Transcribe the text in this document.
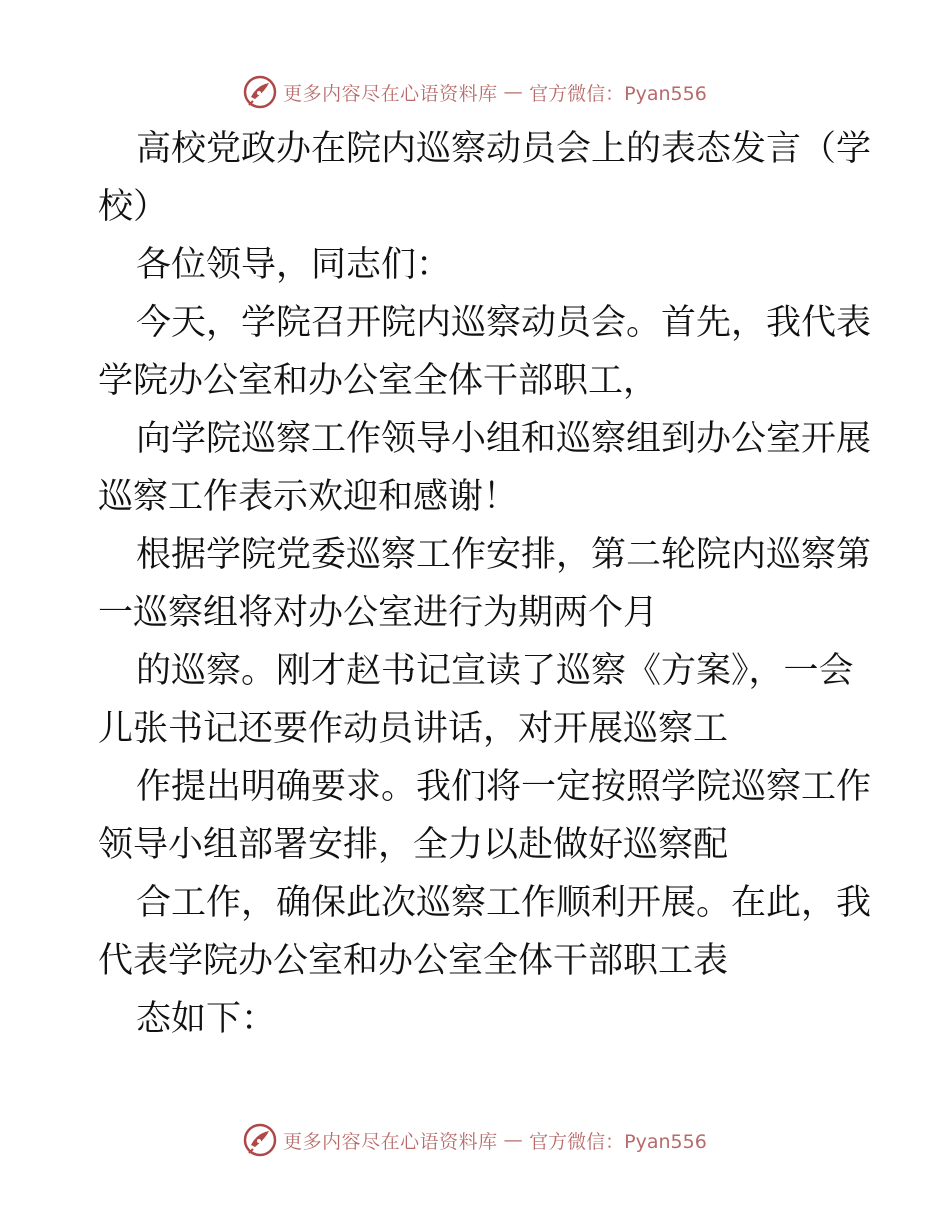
更多内容尽在心语资料库 — 官方微信：Pyan556
高校党政办在院内巡察动员会上的表态发言（学
校）
各位领导，同志们：
今天，学院召开院内巡察动员会。首先，我代表
学院办公室和办公室全体干部职工，
向学院巡察工作领导小组和巡察组到办公室开展
巡察工作表示欢迎和感谢！
根据学院党委巡察工作安排，第二轮院内巡察第
一巡察组将对办公室进行为期两个月
的巡察。刚才赵书记宣读了巡察《方案》，一会
儿张书记还要作动员讲话，对开展巡察工
作提出明确要求。我们将一定按照学院巡察工作
领导小组部署安排，全力以赴做好巡察配
合工作，确保此次巡察工作顺利开展。在此，我
代表学院办公室和办公室全体干部职工表
态如下：
更多内容尽在心语资料库 — 官方微信：Pyan556
